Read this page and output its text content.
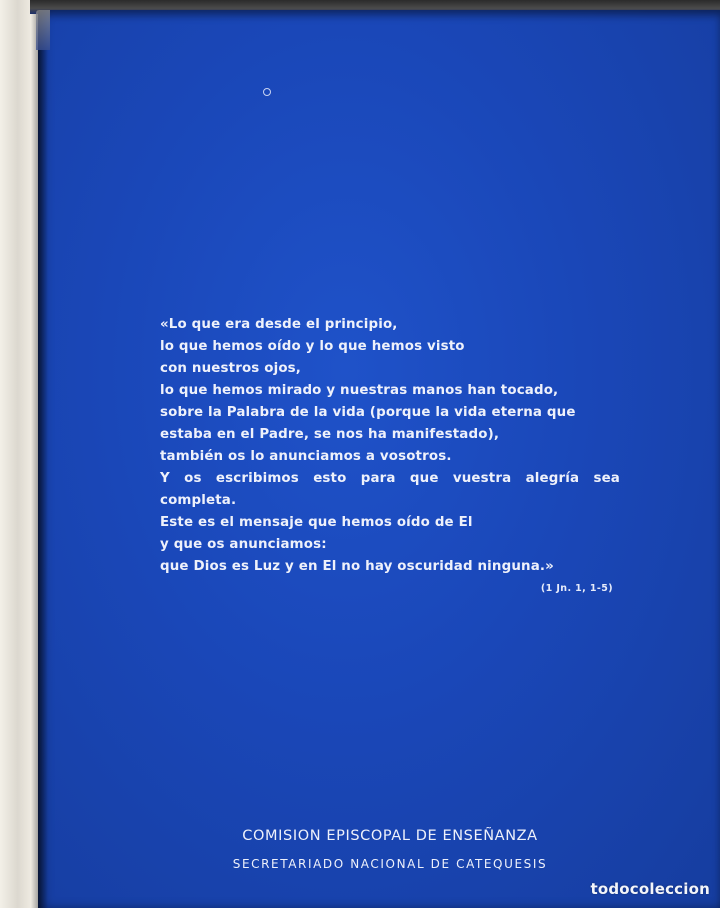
«Lo que era desde el principio,
lo que hemos oído y lo que hemos visto
con nuestros ojos,
lo que hemos mirado y nuestras manos han tocado,
sobre la Palabra de la vida (porque la vida eterna que
estaba en el Padre, se nos ha manifestado),
también os lo anunciamos a vosotros.
Y os escribimos esto para que vuestra alegría sea
completa.
Este es el mensaje que hemos oído de El
y que os anunciamos:
que Dios es Luz y en El no hay oscuridad ninguna.»
(1 Jn. 1, 1-5)
COMISION EPISCOPAL DE ENSEÑANZA
SECRETARIADO NACIONAL DE CATEQUESIS
todocoleccion
